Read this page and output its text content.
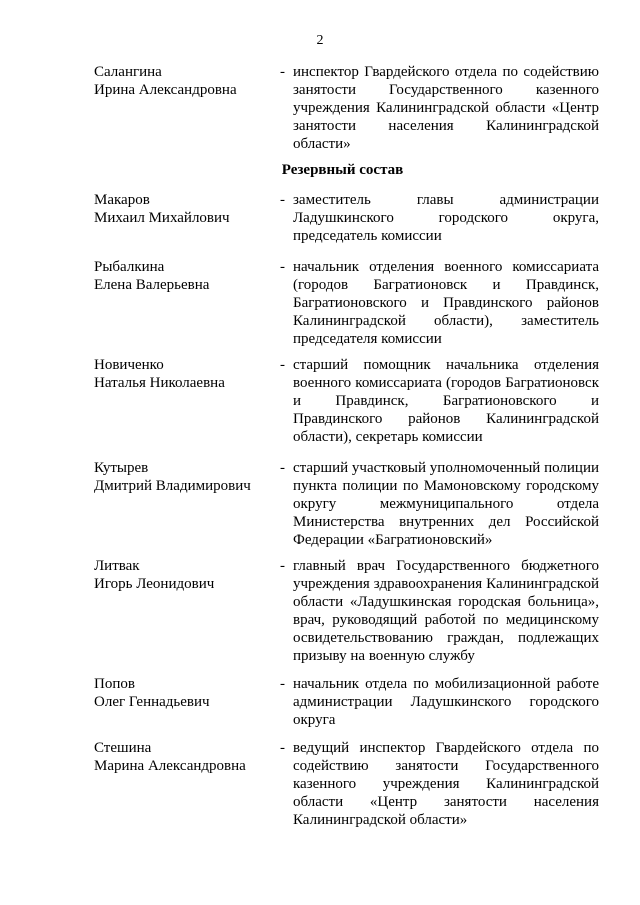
2
Салангина
Ирина Александровна
- инспектор Гвардейского отдела по содействию занятости Государственного казенного учреждения Калининградской области «Центр занятости населения Калининградской области»
Резервный состав
Макаров
Михаил Михайлович
- заместитель главы администрации Ладушкинского городского округа, председатель комиссии
Рыбалкина
Елена Валерьевна
- начальник отделения военного комиссариата (городов Багратионовск и Правдинск, Багратионовского и Правдинского районов Калининградской области), заместитель председателя комиссии
Новиченко
Наталья Николаевна
- старший помощник начальника отделения военного комиссариата (городов Багратионовск и Правдинск, Багратионовского и Правдинского районов Калининградской области), секретарь комиссии
Кутырев
Дмитрий Владимирович
- старший участковый уполномоченный полиции пункта полиции по Мамоновскому городскому округу межмуниципального отдела Министерства внутренних дел Российской Федерации «Багратионовский»
Литвак
Игорь Леонидович
- главный врач Государственного бюджетного учреждения здравоохранения Калининградской области «Ладушкинская городская больница», врач, руководящий работой по медицинскому освидетельствованию граждан, подлежащих призыву на военную службу
Попов
Олег Геннадьевич
- начальник отдела по мобилизационной работе администрации Ладушкинского городского округа
Стешина
Марина Александровна
- ведущий инспектор Гвардейского отдела по содействию занятости Государственного казенного учреждения Калининградской области «Центр занятости населения Калининградской области»
